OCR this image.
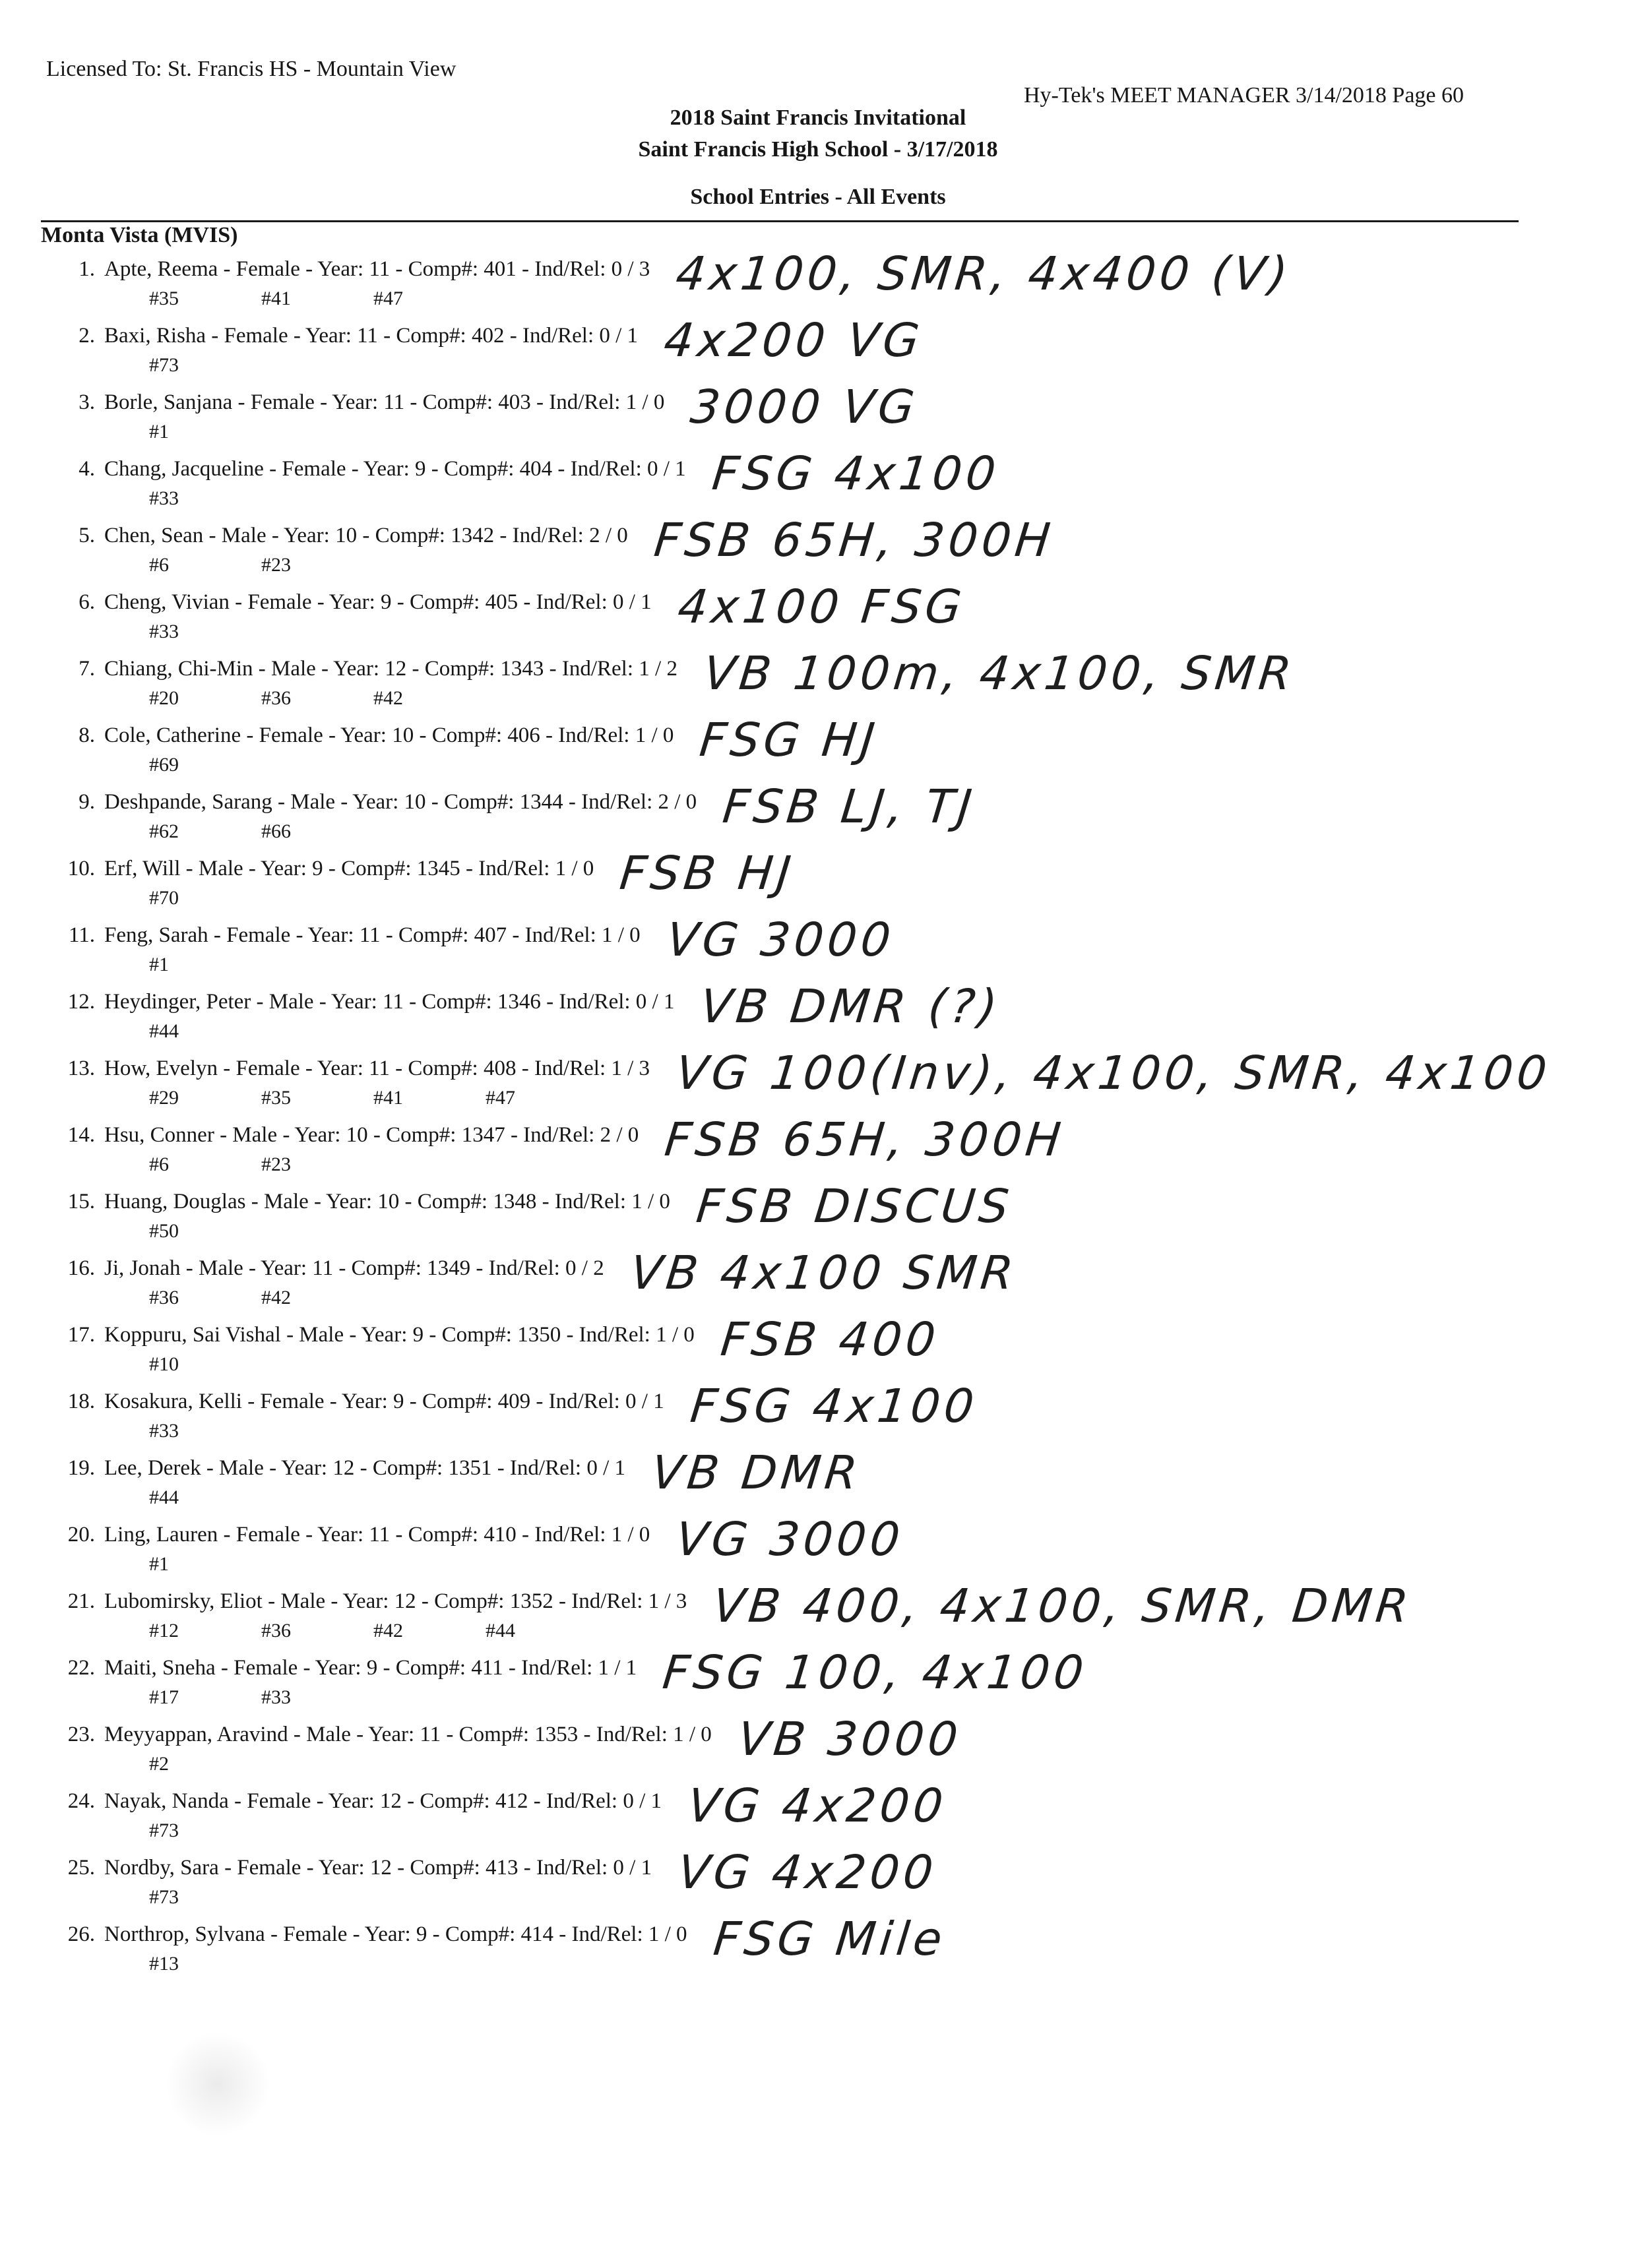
Licensed To: St. Francis HS - Mountain View
Hy-Tek's MEET MANAGER 3/14/2018 Page 60
2018 Saint Francis Invitational
Saint Francis High School - 3/17/2018
School Entries - All Events
Monta Vista (MVIS)
1. Apte, Reema - Female - Year: 11 - Comp#: 401 - Ind/Rel: 0 / 3
#35	#41	#47	4x100, SMR, 4x400 (V)
2. Baxi, Risha - Female - Year: 11 - Comp#: 402 - Ind/Rel: 0 / 1
#73	4x200 VG
3. Borle, Sanjana - Female - Year: 11 - Comp#: 403 - Ind/Rel: 1 / 0
#1	3000 VG
4. Chang, Jacqueline - Female - Year: 9 - Comp#: 404 - Ind/Rel: 0 / 1
#33	FSG 4x100
5. Chen, Sean - Male - Year: 10 - Comp#: 1342 - Ind/Rel: 2 / 0
#6	#23	FSB 65H, 300H
6. Cheng, Vivian - Female - Year: 9 - Comp#: 405 - Ind/Rel: 0 / 1
#33	4x100 FSG
7. Chiang, Chi-Min - Male - Year: 12 - Comp#: 1343 - Ind/Rel: 1 / 2
#20	#36	#42	VB 100m, 4x100, SMR
8. Cole, Catherine - Female - Year: 10 - Comp#: 406 - Ind/Rel: 1 / 0
#69	FSG HJ
9. Deshpande, Sarang - Male - Year: 10 - Comp#: 1344 - Ind/Rel: 2 / 0
#62	#66	FSB LJ, TJ
10. Erf, Will - Male - Year: 9 - Comp#: 1345 - Ind/Rel: 1 / 0
#70	FSB HJ
11. Feng, Sarah - Female - Year: 11 - Comp#: 407 - Ind/Rel: 1 / 0
#1	VG 3000
12. Heydinger, Peter - Male - Year: 11 - Comp#: 1346 - Ind/Rel: 0 / 1
#44	VB DMR (?)
13. How, Evelyn - Female - Year: 11 - Comp#: 408 - Ind/Rel: 1 / 3
#29	#35	#41	#47	VG 100(Inv), 4x100, SMR, 4x100
14. Hsu, Conner - Male - Year: 10 - Comp#: 1347 - Ind/Rel: 2 / 0
#6	#23	FSB 65H, 300H
15. Huang, Douglas - Male - Year: 10 - Comp#: 1348 - Ind/Rel: 1 / 0
#50	FSB DISCUS
16. Ji, Jonah - Male - Year: 11 - Comp#: 1349 - Ind/Rel: 0 / 2
#36	#42	VB 4x100 SMR
17. Koppuru, Sai Vishal - Male - Year: 9 - Comp#: 1350 - Ind/Rel: 1 / 0
#10	FSB 400
18. Kosakura, Kelli - Female - Year: 9 - Comp#: 409 - Ind/Rel: 0 / 1
#33	FSG 4x100
19. Lee, Derek - Male - Year: 12 - Comp#: 1351 - Ind/Rel: 0 / 1
#44	VB DMR
20. Ling, Lauren - Female - Year: 11 - Comp#: 410 - Ind/Rel: 1 / 0
#1	VG 3000
21. Lubomirsky, Eliot - Male - Year: 12 - Comp#: 1352 - Ind/Rel: 1 / 3
#12	#36	#42	#44	VB 400, 4x100, SMR, DMR
22. Maiti, Sneha - Female - Year: 9 - Comp#: 411 - Ind/Rel: 1 / 1
#17	#33	FSG 100, 4x100
23. Meyyappan, Aravind - Male - Year: 11 - Comp#: 1353 - Ind/Rel: 1 / 0
#2	VB 3000
24. Nayak, Nanda - Female - Year: 12 - Comp#: 412 - Ind/Rel: 0 / 1
#73	VG 4x200
25. Nordby, Sara - Female - Year: 12 - Comp#: 413 - Ind/Rel: 0 / 1
#73	VG 4x200
26. Northrop, Sylvana - Female - Year: 9 - Comp#: 414 - Ind/Rel: 1 / 0
#13	FSG Mile
